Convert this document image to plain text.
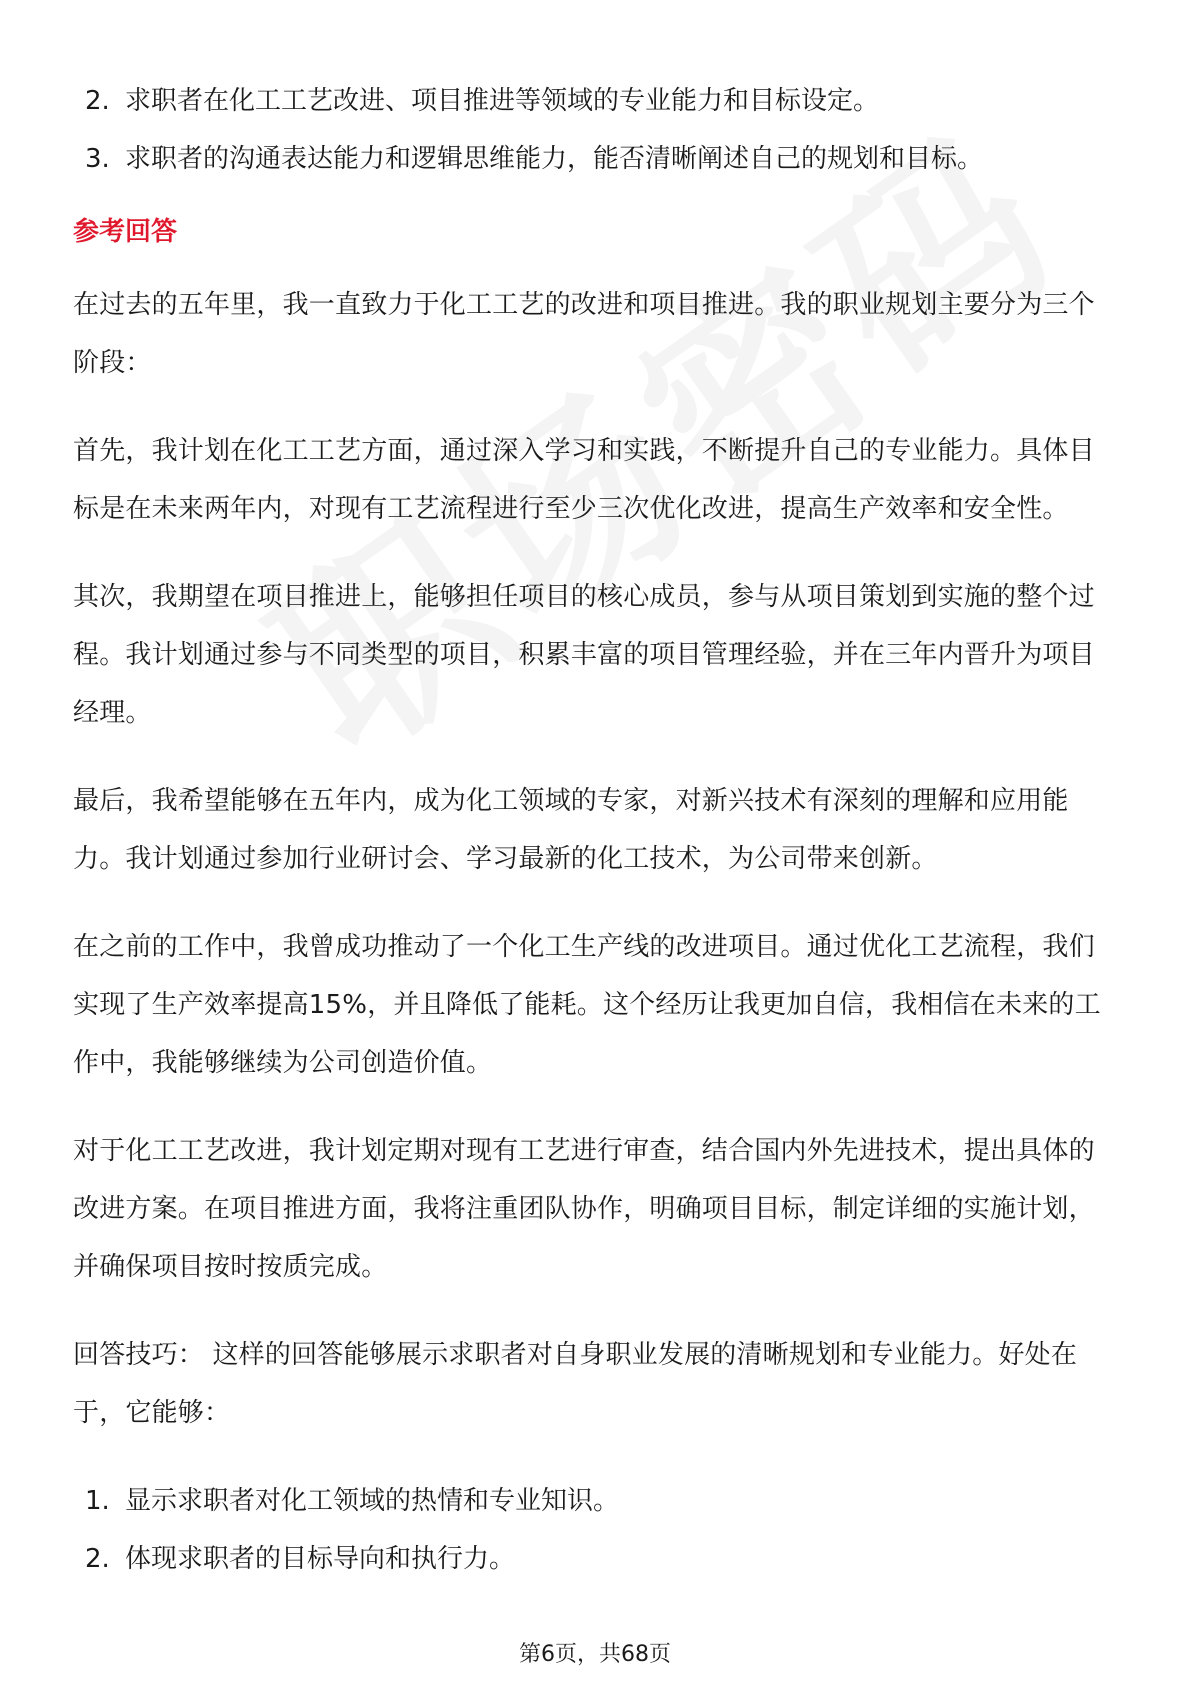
2. 求职者在化工工艺改进、项目推进等领域的专业能力和目标设定。
3. 求职者的沟通表达能力和逻辑思维能力，能否清晰阐述自己的规划和目标。
参考回答

在过去的五年里，我一直致力于化工工艺的改进和项目推进。我的职业规划主要分为三个阶段：

首先，我计划在化工工艺方面，通过深入学习和实践，不断提升自己的专业能力。具体目标是在未来两年内，对现有工艺流程进行至少三次优化改进，提高生产效率和安全性。

其次，我期望在项目推进上，能够担任项目的核心成员，参与从项目策划到实施的整个过程。我计划通过参与不同类型的项目，积累丰富的项目管理经验，并在三年内晋升为项目经理。

最后，我希望能够在五年内，成为化工领域的专家，对新兴技术有深刻的理解和应用能力。我计划通过参加行业研讨会、学习最新的化工技术，为公司带来创新。

在之前的工作中，我曾成功推动了一个化工生产线的改进项目。通过优化工艺流程，我们实现了生产效率提高15%，并且降低了能耗。这个经历让我更加自信，我相信在未来的工作中，我能够继续为公司创造价值。

对于化工工艺改进，我计划定期对现有工艺进行审查，结合国内外先进技术，提出具体的改进方案。在项目推进方面，我将注重团队协作，明确项目目标，制定详细的实施计划，并确保项目按时按质完成。

回答技巧： 这样的回答能够展示求职者对自身职业发展的清晰规划和专业能力。好处在于，它能够：

1. 显示求职者对化工领域的热情和专业知识。
2. 体现求职者的目标导向和执行力。
第6页，共68页
